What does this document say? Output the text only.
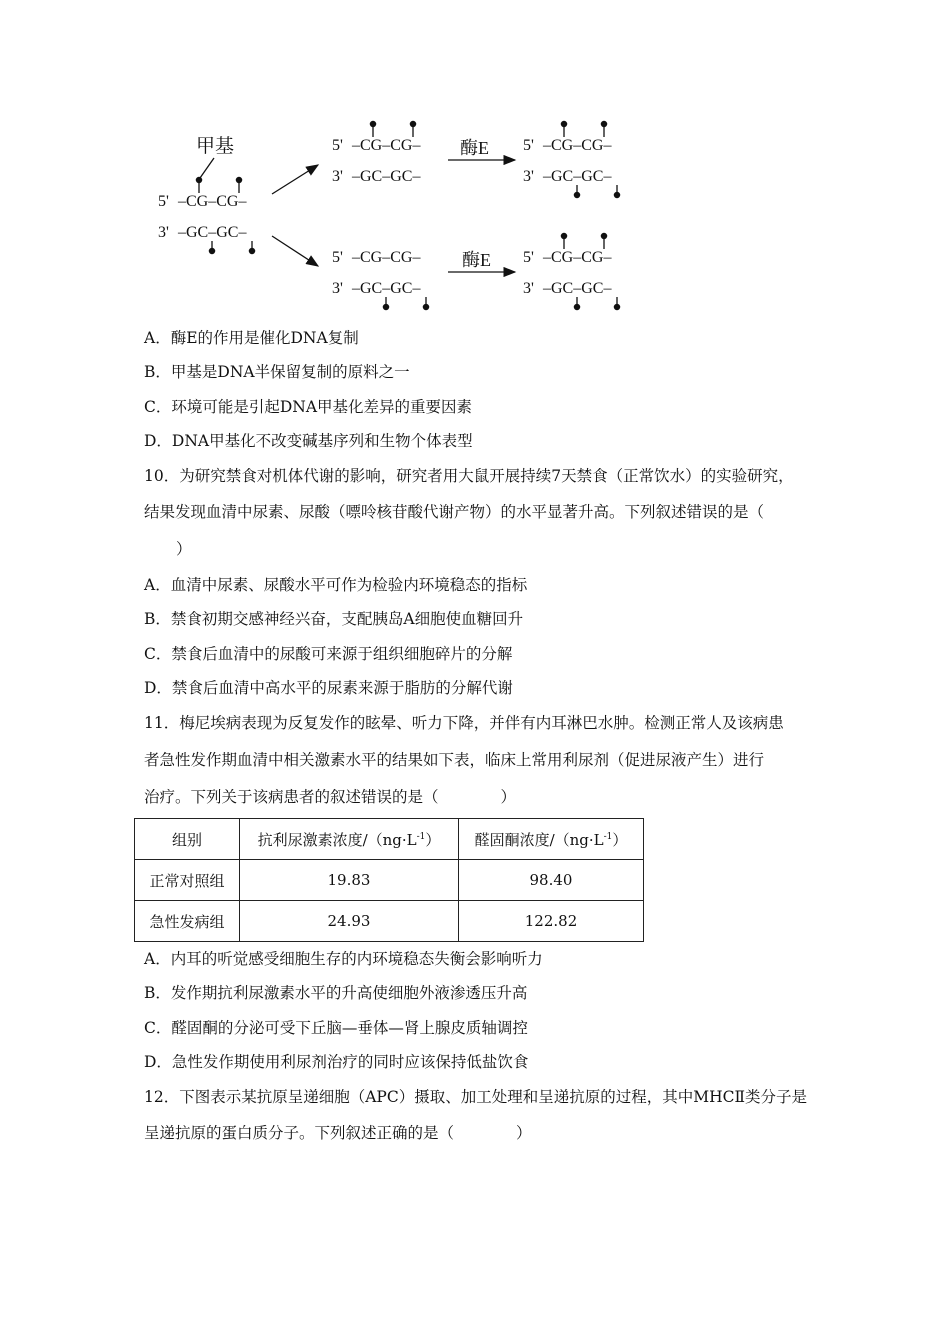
甲基
5' –CG–CG–
3' –GC–GC–
5' –CG–CG–
3' –GC–GC–
酶E 5' –CG–CG–
3' –GC–GC–
5' –CG–CG–
3' –GC–GC–
酶E 5' –CG–CG–
3' –GC–GC–
A．酶E的作用是催化DNA复制
B．甲基是DNA半保留复制的原料之一
C．环境可能是引起DNA甲基化差异的重要因素
D．DNA甲基化不改变碱基序列和生物个体表型
10．为研究禁食对机体代谢的影响，研究者用大鼠开展持续7天禁食（正常饮水）的实验研究，
结果发现血清中尿素、尿酸（嘌呤核苷酸代谢产物）的水平显著升高。下列叙述错误的是（
）
A．血清中尿素、尿酸水平可作为检验内环境稳态的指标
B．禁食初期交感神经兴奋，支配胰岛A细胞使血糖回升
C．禁食后血清中的尿酸可来源于组织细胞碎片的分解
D．禁食后血清中高水平的尿素来源于脂肪的分解代谢
11．梅尼埃病表现为反复发作的眩晕、听力下降，并伴有内耳淋巴水肿。检测正常人及该病患
者急性发作期血清中相关激素水平的结果如下表，临床上常用利尿剂（促进尿液产生）进行
治疗。下列关于该病患者的叙述错误的是（　　　　）
组别	抗利尿激素浓度$/(ng\cdot L^{-1})$	醛固酮浓度$/(ng\cdot L^{-1})$
正常对照组	19.83	98.40
急性发病组	24.93	122.82
A．内耳的听觉感受细胞生存的内环境稳态失衡会影响听力
B．发作期抗利尿激素水平的升高使细胞外液渗透压升高
C．醛固酮的分泌可受下丘脑—垂体—肾上腺皮质轴调控
D．急性发作期使用利尿剂治疗的同时应该保持低盐饮食
12．下图表示某抗原呈递细胞（APC）摄取、加工处理和呈递抗原的过程，其中MHCⅡ类分子是
呈递抗原的蛋白质分子。下列叙述正确的是（　　　　）
